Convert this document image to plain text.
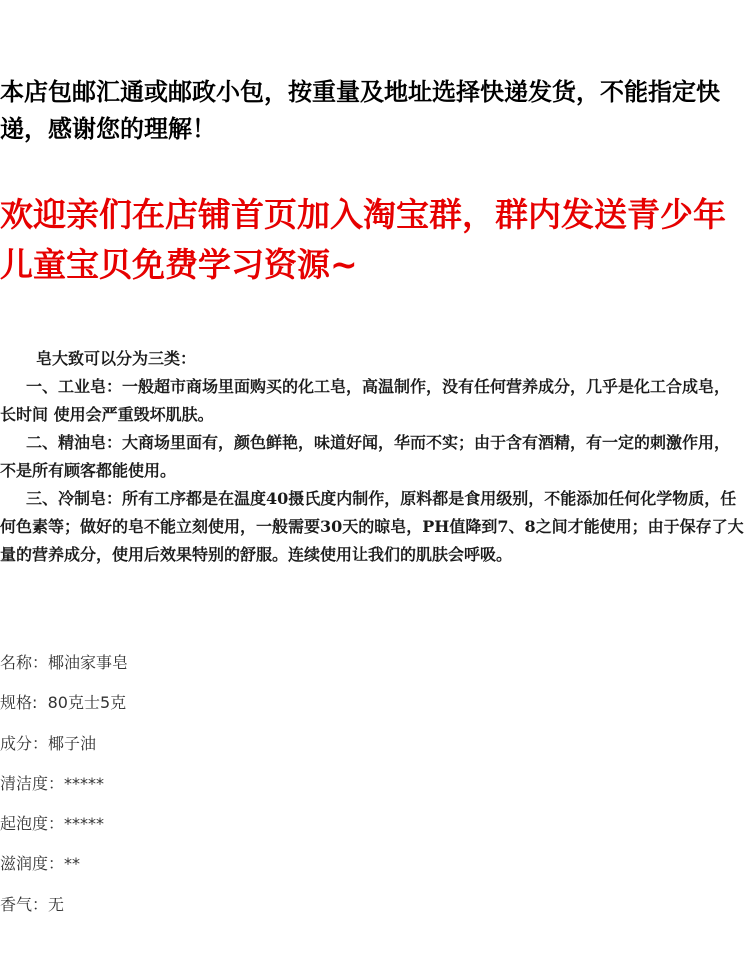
本店包邮汇通或邮政小包，按重量及地址选择快递发货，不能指定快递，感谢您的理解！

欢迎亲们在店铺首页加入淘宝群，群内发送青少年儿童宝贝免费学习资源~

皂大致可以分为三类：

一、工业皂：一般超市商场里面购买的化工皂，高温制作，没有任何营养成分，几乎是化工合成皂，长时间 使用会严重毁坏肌肤。

二、精油皂：大商场里面有，颜色鲜艳，味道好闻，华而不实；由于含有酒精，有一定的刺激作用，不是所有顾客都能使用。

三、冷制皂：所有工序都是在温度40摄氏度内制作，原料都是食用级别，不能添加任何化学物质，任何色素等；做好的皂不能立刻使用，一般需要30天的晾皂，PH值降到7、8之间才能使用；由于保存了大量的营养成分，使用后效果特别的舒服。连续使用让我们的肌肤会呼吸。

名称：椰油家事皂
规格:  80克士5克
成分：椰子油
清洁度：*****
起泡度：*****
滋润度：**
香气：无
